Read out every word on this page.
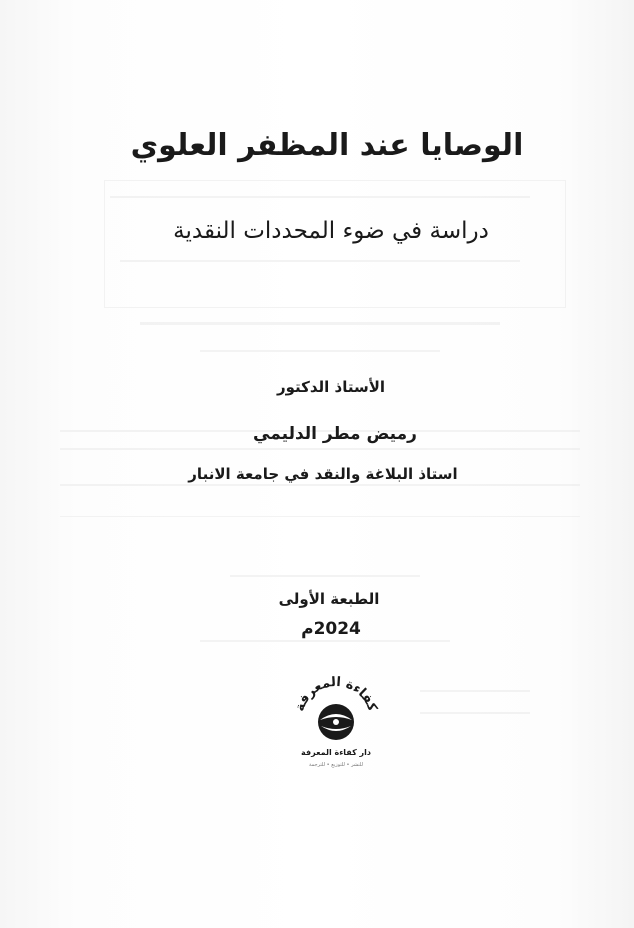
الوصايا عند المظفر العلوي
دراسة في ضوء المحددات النقدية
الأستاذ الدكتور
رميض مطر الدليمي
استاذ البلاغة والنقد في جامعة الانبار
الطبعة الأولى
2024م
كفاءة المعرفة
دار كفاءة المعرفة
للنشر • للتوزيع • للترجمة
